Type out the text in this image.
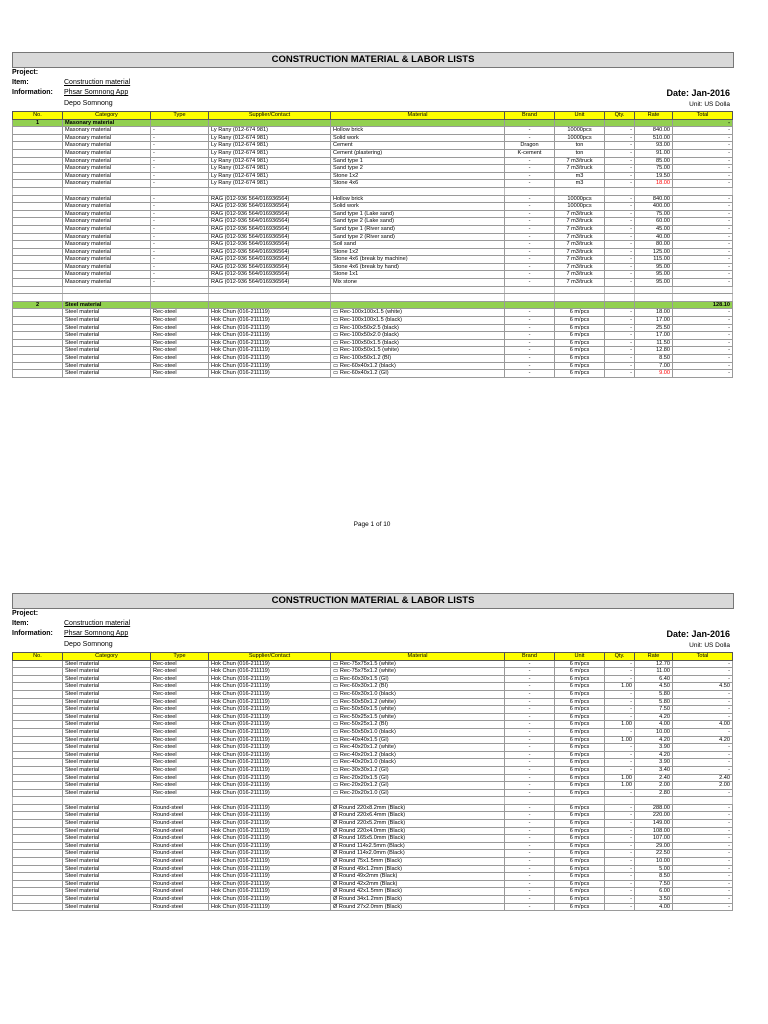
CONSTRUCTION MATERIAL & LABOR LISTS
Project:
Item:	Construction material
Information:	Phsar Somnong App
Depo Somnong
Date: Jan-2016
Unit: US Dolla
No.	Category	Type	Supplier/Contact	Material	Brand	Unit	Qty.	Rate	Total
1	Masonary material								-
	Masonary material	-	Ly Rany (012-674 981)	Hollow brick	-	10000pcs	-	840.00	-
	Masonary material	-	Ly Rany (012-674 981)	Solid work	-	10000pcs	-	510.00	-
	Masonary material	-	Ly Rany (012-674 981)	Cement	Dragon	ton	-	93.00	-
	Masonary material	-	Ly Rany (012-674 981)	Cement (plastering)	K-cement	ton	-	91.00	-
	Masonary material	-	Ly Rany (012-674 981)	Sand type 1	-	7 m3/truck	-	85.00	-
	Masonary material	-	Ly Rany (012-674 981)	Sand type 2	-	7 m3/truck	-	75.00	-
	Masonary material	-	Ly Rany (012-674 981)	Stone 1x2	-	m3	-	19.50	-
	Masonary material	-	Ly Rany (012-674 981)	Stone 4x6	-	m3	-	18.00	-

	Masonary material	-	RAG (012-936 564/016936564)	Hollow brick	-	10000pcs	-	840.00	-
	Masonary material	-	RAG (012-936 564/016936564)	Solid work	-	10000pcs	-	400.00	-
	Masonary material	-	RAG (012-936 564/016936564)	Sand type 1 (Lake sand)	-	7 m3/truck	-	75.00	-
	Masonary material	-	RAG (012-936 564/016936564)	Sand type 2 (Lake sand)	-	7 m3/truck	-	60.00	-
	Masonary material	-	RAG (012-936 564/016936564)	Sand type 1 (River sand)	-	7 m3/truck	-	45.00	-
	Masonary material	-	RAG (012-936 564/016936564)	Sand type 2 (River sand)	-	7 m3/truck	-	40.00	-
	Masonary material	-	RAG (012-936 564/016936564)	Soil sand	-	7 m3/truck	-	80.00	-
	Masonary material	-	RAG (012-936 564/016936564)	Stone 1x2	-	7 m3/truck	-	125.00	-
	Masonary material	-	RAG (012-936 564/016936564)	Stone 4x6 (break by machine)	-	7 m3/truck	-	115.00	-
	Masonary material	-	RAG (012-936 564/016936564)	Stone 4x6 (break by hand)	-	7 m3/truck	-	95.00	-
	Masonary material	-	RAG (012-936 564/016936564)	Stone 1x1	-	7 m3/truck	-	95.00	-
	Masonary material	-	RAG (012-936 564/016936564)	Mix stone	-	7 m3/truck	-	95.00	-

2	Steel material								128.10
	Steel material	Rec-steel	Hok Chun (016-211119)	▭ Rec-100x100x1.5 (white)	-	6 m/pcs	-	18.00	-
	Steel material	Rec-steel	Hok Chun (016-211119)	▭ Rec-100x100x1.5 (black)	-	6 m/pcs	-	17.00	-
	Steel material	Rec-steel	Hok Chun (016-211119)	▭ Rec-100x50x2.5 (black)	-	6 m/pcs	-	25.50	-
	Steel material	Rec-steel	Hok Chun (016-211119)	▭ Rec-100x50x2.0 (black)	-	6 m/pcs	-	17.00	-
	Steel material	Rec-steel	Hok Chun (016-211119)	▭ Rec-100x50x1.5 (black)	-	6 m/pcs	-	11.50	-
	Steel material	Rec-steel	Hok Chun (016-211119)	▭ Rec-100x50x1.5 (white)	-	6 m/pcs	-	12.80	-
	Steel material	Rec-steel	Hok Chun (016-211119)	▭ Rec-100x50x1.2 (BI)	-	6 m/pcs	-	8.50	-
	Steel material	Rec-steel	Hok Chun (016-211119)	▭ Rec-60x40x1.2 (black)	-	6 m/pcs	-	7.00	-
	Steel material	Rec-steel	Hok Chun (016-211119)	▭ Rec-60x40x1.2 (GI)	-	6 m/pcs	-	9.00	-
Page 1 of 10
CONSTRUCTION MATERIAL & LABOR LISTS
Project:
Item:	Construction material
Information:	Phsar Somnong App
Depo Somnong
Date: Jan-2016
Unit: US Dolla
No.	Category	Type	Supplier/Contact	Material	Brand	Unit	Qty.	Rate	Total
	Steel material	Rec-steel	Hok Chun (016-211119)	▭ Rec-75x75x1.5 (white)	-	6 m/pcs	-	12.70	-
	Steel material	Rec-steel	Hok Chun (016-211119)	▭ Rec-75x75x1.2 (white)	-	6 m/pcs	-	11.00	-
	Steel material	Rec-steel	Hok Chun (016-211119)	▭ Rec-60x30x1.5 (GI)	-	6 m/pcs	-	6.40	-
	Steel material	Rec-steel	Hok Chun (016-211119)	▭ Rec-60x30x1.2 (BI)	-	6 m/pcs	1.00	4.50	4.50
	Steel material	Rec-steel	Hok Chun (016-211119)	▭ Rec-60x30x1.0 (black)	-	6 m/pcs	-	5.80	-
	Steel material	Rec-steel	Hok Chun (016-211119)	▭ Rec-50x50x1.2 (white)	-	6 m/pcs	-	5.80	-
	Steel material	Rec-steel	Hok Chun (016-211119)	▭ Rec-50x50x1.5 (white)	-	6 m/pcs	-	7.50	-
	Steel material	Rec-steel	Hok Chun (016-211119)	▭ Rec-50x25x1.5 (white)	-	6 m/pcs	-	4.20	-
	Steel material	Rec-steel	Hok Chun (016-211119)	▭ Rec-50x25x1.2 (BI)	-	6 m/pcs	1.00	4.00	4.00
	Steel material	Rec-steel	Hok Chun (016-211119)	▭ Rec-50x50x1.0 (black)	-	6 m/pcs	-	10.00	-
	Steel material	Rec-steel	Hok Chun (016-211119)	▭ Rec-40x40x1.5 (GI)	-	6 m/pcs	1.00	4.20	4.20
	Steel material	Rec-steel	Hok Chun (016-211119)	▭ Rec-40x20x1.2 (white)	-	6 m/pcs	-	3.90	-
	Steel material	Rec-steel	Hok Chun (016-211119)	▭ Rec-40x20x1.2 (black)	-	6 m/pcs	-	4.20	-
	Steel material	Rec-steel	Hok Chun (016-211119)	▭ Rec-40x20x1.0 (black)	-	6 m/pcs	-	3.90	-
	Steel material	Rec-steel	Hok Chun (016-211119)	▭ Rec-30x30x1.2 (GI)	-	6 m/pcs	-	3.40	-
	Steel material	Rec-steel	Hok Chun (016-211119)	▭ Rec-20x20x1.5 (GI)	-	6 m/pcs	1.00	2.40	2.40
	Steel material	Rec-steel	Hok Chun (016-211119)	▭ Rec-20x20x1.2 (GI)	-	6 m/pcs	1.00	2.00	2.00
	Steel material	Rec-steel	Hok Chun (016-211119)	▭ Rec-20x20x1.0 (GI)	-	6 m/pcs	-	2.80	-

	Steel material	Round-steel	Hok Chun (016-211119)	Ø Round 220x8.2mm (Black)	-	6 m/pcs	-	288.00	-
	Steel material	Round-steel	Hok Chun (016-211119)	Ø Round 220x6.4mm (Black)	-	6 m/pcs	-	220.00	-
	Steel material	Round-steel	Hok Chun (016-211119)	Ø Round 220x5.2mm (Black)	-	6 m/pcs	-	149.00	-
	Steel material	Round-steel	Hok Chun (016-211119)	Ø Round 220x4.0mm (Black)	-	6 m/pcs	-	108.00	-
	Steel material	Round-steel	Hok Chun (016-211119)	Ø Round 165x5.0mm (Black)	-	6 m/pcs	-	107.00	-
	Steel material	Round-steel	Hok Chun (016-211119)	Ø Round 114x2.5mm (Black)	-	6 m/pcs	-	29.00	-
	Steel material	Round-steel	Hok Chun (016-211119)	Ø Round 114x2.0mm (Black)	-	6 m/pcs	-	22.50	-
	Steel material	Round-steel	Hok Chun (016-211119)	Ø Round 75x1.5mm (Black)	-	6 m/pcs	-	10.00	-
	Steel material	Round-steel	Hok Chun (016-211119)	Ø Round 49x1.2mm (Black)	-	6 m/pcs	-	5.00	-
	Steel material	Round-steel	Hok Chun (016-211119)	Ø Round 49x2mm (Black)	-	6 m/pcs	-	8.50	-
	Steel material	Round-steel	Hok Chun (016-211119)	Ø Round 42x2mm (Black)	-	6 m/pcs	-	7.50	-
	Steel material	Round-steel	Hok Chun (016-211119)	Ø Round 42x1.5mm (Black)	-	6 m/pcs	-	6.00	-
	Steel material	Round-steel	Hok Chun (016-211119)	Ø Round 34x1.2mm (Black)	-	6 m/pcs	-	3.50	-
	Steel material	Round-steel	Hok Chun (016-211119)	Ø Round 27x2.0mm (Black)	-	6 m/pcs	-	4.00	-
